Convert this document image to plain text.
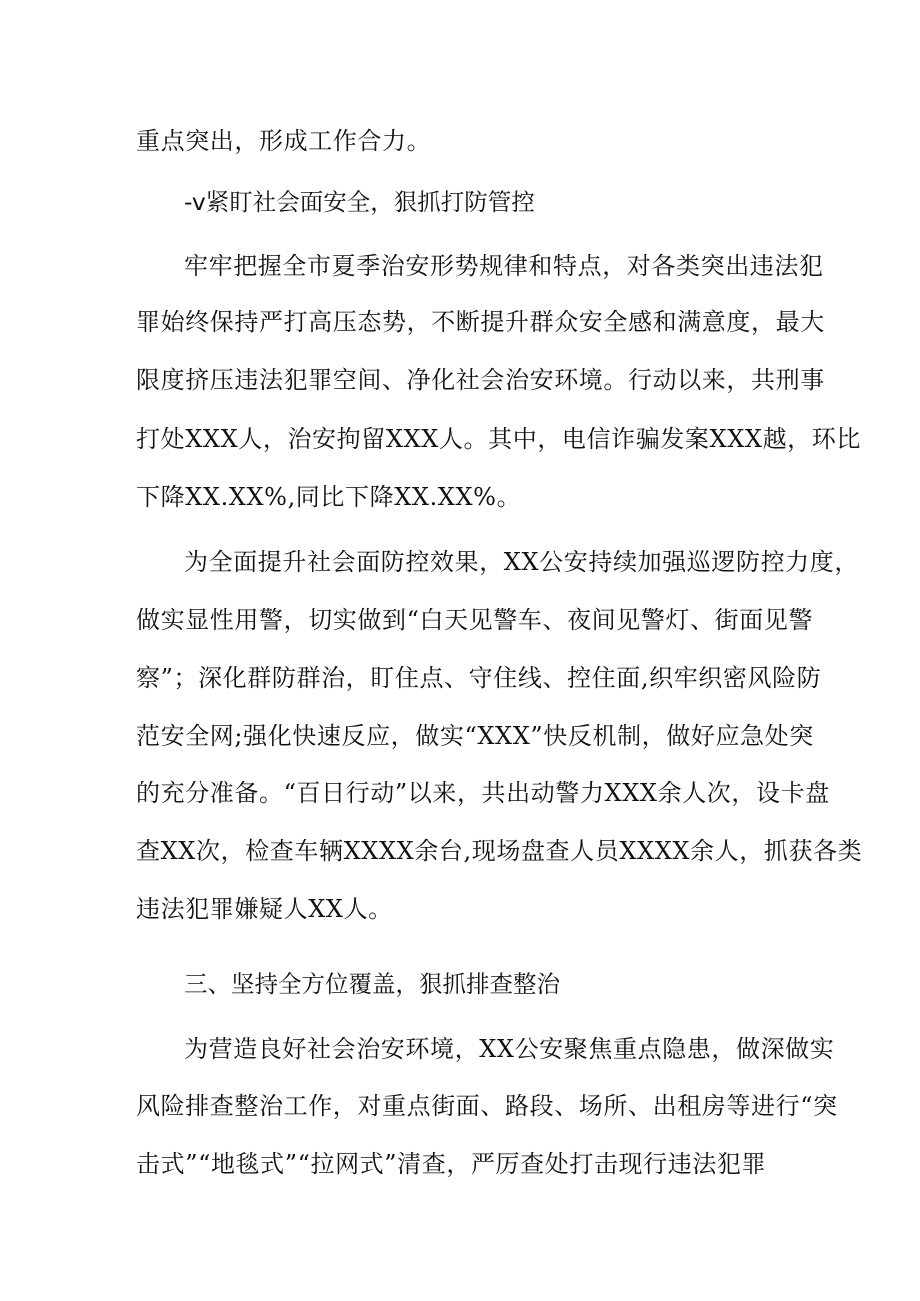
重点突出，形成工作合力。
-v紧盯社会面安全，狠抓打防管控
牢牢把握全市夏季治安形势规律和特点，对各类突出违法犯
罪始终保持严打高压态势，不断提升群众安全感和满意度，最大
限度挤压违法犯罪空间、净化社会治安环境。行动以来，共刑事
打处XXX人，治安拘留XXX人。其中，电信诈骗发案XXX越，环比
下降XX.XX%,同比下降XX.XX%。
为全面提升社会面防控效果，XX公安持续加强巡逻防控力度，
做实显性用警，切实做到“白天见警车、夜间见警灯、街面见警
察”；深化群防群治，盯住点、守住线、控住面,织牢织密风险防
范安全网;强化快速反应，做实“XXX”快反机制，做好应急处突
的充分准备。“百日行动”以来，共出动警力XXX余人次，设卡盘
查XX次，检查车辆XXXX余台,现场盘查人员XXXX余人，抓获各类
违法犯罪嫌疑人XX人。
三、坚持全方位覆盖，狠抓排查整治
为营造良好社会治安环境，XX公安聚焦重点隐患，做深做实
风险排查整治工作，对重点街面、路段、场所、出租房等进行“突
击式”“地毯式”“拉网式”清查，严厉查处打击现行违法犯罪
